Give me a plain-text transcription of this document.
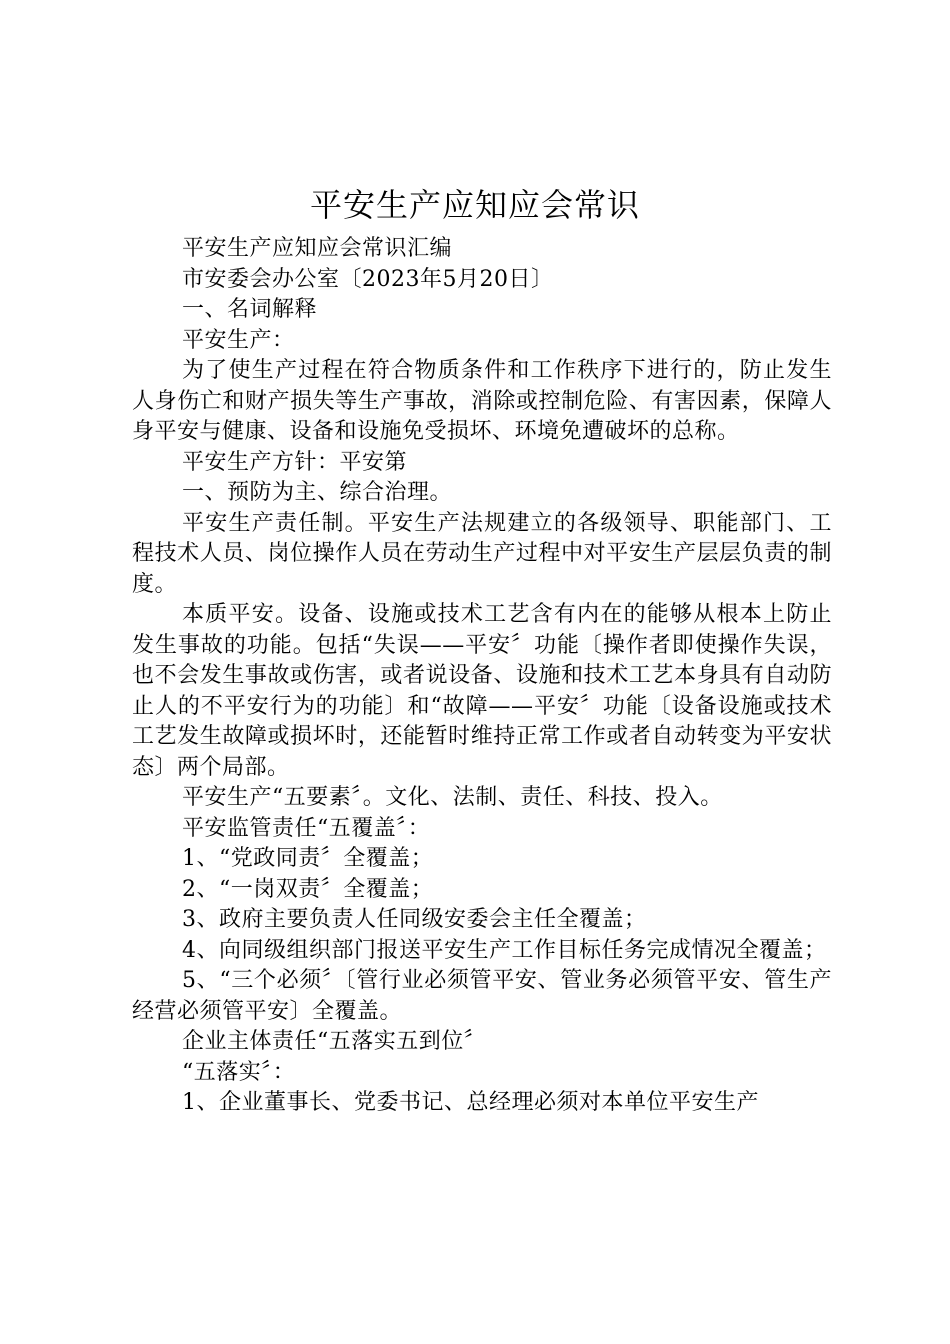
平安生产应知应会常识

平安生产应知应会常识汇编

市安委会办公室〔2023年5月20日〕

一、名词解释

平安生产：

为了使生产过程在符合物质条件和工作秩序下进行的，防止发生人身伤亡和财产损失等生产事故，消除或控制危险、有害因素，保障人身平安与健康、设备和设施免受损坏、环境免遭破坏的总称。

平安生产方针：平安第

一、预防为主、综合治理。

平安生产责任制。平安生产法规建立的各级领导、职能部门、工程技术人员、岗位操作人员在劳动生产过程中对平安生产层层负责的制度。

本质平安。设备、设施或技术工艺含有内在的能够从根本上防止发生事故的功能。包括“失误——平安〞功能〔操作者即使操作失误，也不会发生事故或伤害，或者说设备、设施和技术工艺本身具有自动防止人的不平安行为的功能〕和“故障——平安〞功能〔设备设施或技术工艺发生故障或损坏时，还能暂时维持正常工作或者自动转变为平安状态〕两个局部。

平安生产“五要素〞。文化、法制、责任、科技、投入。

平安监管责任“五覆盖〞：

1、“党政同责〞全覆盖；

2、“一岗双责〞全覆盖；

3、政府主要负责人任同级安委会主任全覆盖；

4、向同级组织部门报送平安生产工作目标任务完成情况全覆盖；

5、“三个必须〞〔管行业必须管平安、管业务必须管平安、管生产经营必须管平安〕全覆盖。

企业主体责任“五落实五到位〞

“五落实〞：

1、企业董事长、党委书记、总经理必须对本单位平安生产
